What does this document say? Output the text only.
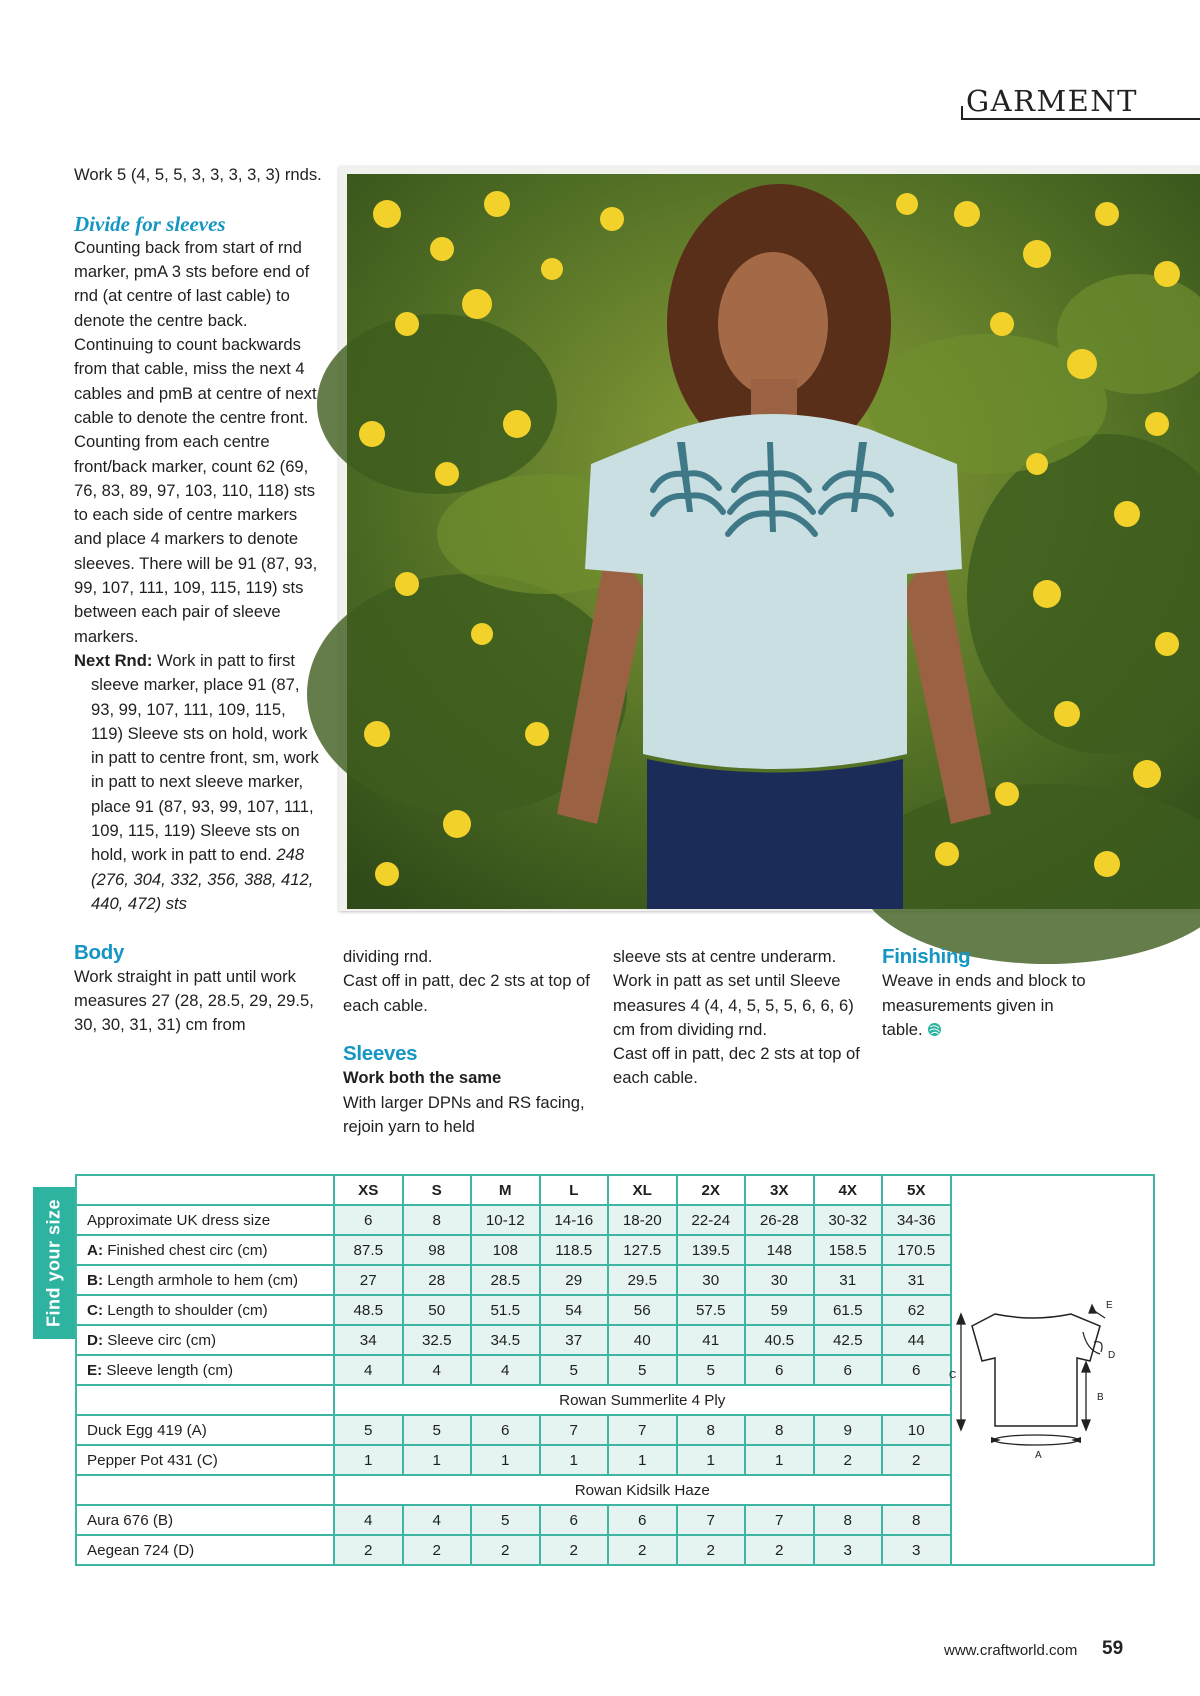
GARMENT

Work 5 (4, 5, 5, 3, 3, 3, 3, 3) rnds.

Divide for sleeves

Counting back from start of rnd marker, pmA 3 sts before end of rnd (at centre of last cable) to denote the centre back. Continuing to count backwards from that cable, miss the next 4 cables and pmB at centre of next cable to denote the centre front. Counting from each centre front/back marker, count 62 (69, 76, 83, 89, 97, 103, 110, 118) sts to each side of centre markers and place 4 markers to denote sleeves. There will be 91 (87, 93, 99, 107, 111, 109, 115, 119) sts between each pair of sleeve markers.

Next Rnd: Work in patt to first sleeve marker, place 91 (87, 93, 99, 107, 111, 109, 115, 119) Sleeve sts on hold, work in patt to centre front, sm, work in patt to next sleeve marker, place 91 (87, 93, 99, 107, 111, 109, 115, 119) Sleeve sts on hold, work in patt to end. 248 (276, 304, 332, 356, 388, 412, 440, 472) sts

Body

Work straight in patt until work measures 27 (28, 28.5, 29, 29.5, 30, 30, 31, 31) cm from

dividing rnd.

Cast off in patt, dec 2 sts at top of each cable.

Sleeves

Work both the same

With larger DPNs and RS facing, rejoin yarn to held

sleeve sts at centre underarm.

Work in patt as set until Sleeve measures 4 (4, 4, 5, 5, 5, 6, 6, 6) cm from dividing rnd.

Cast off in patt, dec 2 sts at top of each cable.

Finishing

Weave in ends and block to measurements given in table.

Find your size
	XS	S	M	L	XL	2X	3X	4X	5X	
Approximate UK dress size	6	8	10-12	14-16	18-20	22-24	26-28	30-32	34-36	
A: Finished chest circ (cm)	87.5	98	108	118.5	127.5	139.5	148	158.5	170.5	
B: Length armhole to hem (cm)	27	28	28.5	29	29.5	30	30	31	31	
C: Length to shoulder (cm)	48.5	50	51.5	54	56	57.5	59	61.5	62	
D: Sleeve circ (cm)	34	32.5	34.5	37	40	41	40.5	42.5	44	
E: Sleeve length (cm)	4	4	4	5	5	5	6	6	6	
	Rowan Summerlite 4 Ply									
Duck Egg 419 (A)	5	5	6	7	7	8	8	9	10	
Pepper Pot 431 (C)	1	1	1	1	1	1	1	2	2	
	Rowan Kidsilk Haze									
Aura 676 (B)	4	4	5	6	6	7	7	8	8	
Aegean 724 (D)	2	2	2	2	2	2	2	3	3	
A
B
C
D
E
www.craftworld.com 59
